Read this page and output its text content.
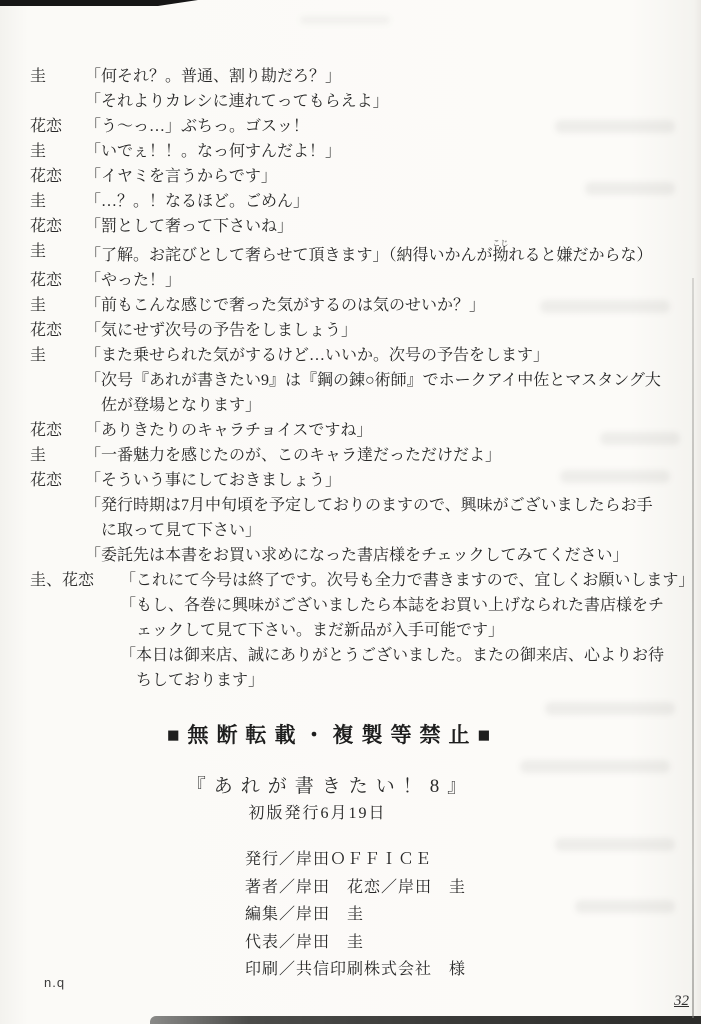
圭	「何それ？。普通、割り勘だろ？」
「それよりカレシに連れてってもらえよ」
花恋	「う〜っ…」ぶちっ。ゴスッ！
圭	「いでぇ！！。なっ何すんだよ！」
花恋	「イヤミを言うからです」
圭	「…？。！なるほど。ごめん」
花恋	「罰として奢って下さいね」
圭	「了解。お詫びとして奢らせて頂きます」（納得いかんが拗こじれると嫌だからな）
花恋	「やった！」
圭	「前もこんな感じで奢った気がするのは気のせいか？」
花恋	「気にせず次号の予告をしましょう」
圭	「また乗せられた気がするけど…いいか。次号の予告をします」
「次号『あれが書きたい9』は『鋼の錬○術師』でホークアイ中佐とマスタング大佐が登場となります」
花恋	「ありきたりのキャラチョイスですね」
圭	「一番魅力を感じたのが、このキャラ達だっただけだよ」
花恋	「そういう事にしておきましょう」
「発行時期は7月中旬頃を予定しておりのますので、興味がございましたらお手に取って見て下さい」
「委託先は本書をお買い求めになった書店様をチェックしてみてください」
圭、花恋	「これにて今号は終了です。次号も全力で書きますので、宜しくお願いします」
「もし、各巻に興味がございましたら本誌をお買い上げなられた書店様をチェックして見て下さい。まだ新品が入手可能です」
「本日は御来店、誠にありがとうございました。またの御来店、心よりお待ちしております」
■無断転載・複製等禁止■
『あれが書きたい！8』
初版発行6月19日
発行／岸田ＯＦＦＩＣＥ
著者／岸田　花恋／岸田　圭
編集／岸田　圭
代表／岸田　圭
印刷／共信印刷株式会社　様
n.q
32
